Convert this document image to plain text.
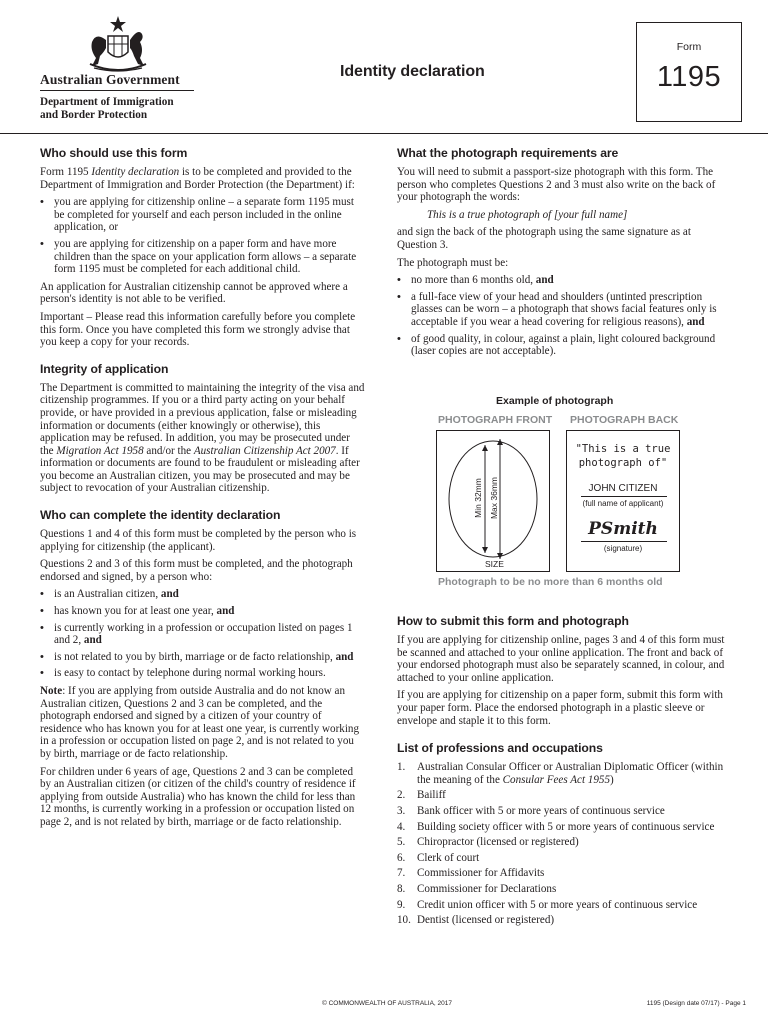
Australian Government
Department of Immigration
and Border Protection
Identity declaration
Form
1195
Who should use this form

Form 1195 Identity declaration is to be completed and provided to the Department of Immigration and Border Protection (the Department) if:

• you are applying for citizenship online – a separate form 1195 must be completed for yourself and each person included in the online application, or
• you are applying for citizenship on a paper form and have more children than the space on your application form allows – a separate form 1195 must be completed for each additional child.

An application for Australian citizenship cannot be approved where a person's identity is not able to be verified.

Important – Please read this information carefully before you complete this form. Once you have completed this form we strongly advise that you keep a copy for your records.

Integrity of application

The Department is committed to maintaining the integrity of the visa and citizenship programmes. If you or a third party acting on your behalf provide, or have provided in a previous application, false or misleading information or documents (either knowingly or otherwise), this application may be refused. In addition, you may be prosecuted under the Migration Act 1958 and/or the Australian Citizenship Act 2007. If information or documents are found to be fraudulent or misleading after you become an Australian citizen, you may be prosecuted and may be subject to revocation of your Australian citizenship.

Who can complete the identity declaration

Questions 1 and 4 of this form must be completed by the person who is applying for citizenship (the applicant).

Questions 2 and 3 of this form must be completed, and the photograph endorsed and signed, by a person who:

• is an Australian citizen, and
• has known you for at least one year, and
• is currently working in a profession or occupation listed on pages 1 and 2, and
• is not related to you by birth, marriage or de facto relationship, and
• is easy to contact by telephone during normal working hours.

Note: If you are applying from outside Australia and do not know an Australian citizen, Questions 2 and 3 can be completed, and the photograph endorsed and signed by a citizen of your country of residence who has known you for at least one year, is currently working in a profession or occupation listed on page 2, and is not related to you by birth, marriage or de facto relationship.

For children under 6 years of age, Questions 2 and 3 can be completed by an Australian citizen (or citizen of the child's country of residence if applying from outside Australia) who has known the child for less than 12 months, is currently working in a profession or occupation listed on page 2, and is not related by birth, marriage or de facto relationship.

What the photograph requirements are

You will need to submit a passport-size photograph with this form. The person who completes Questions 2 and 3 must also write on the back of your photograph the words:

This is a true photograph of [your full name]

and sign the back of the photograph using the same signature as at Question 3.

The photograph must be:

• no more than 6 months old, and
• a full-face view of your head and shoulders (untinted prescription glasses can be worn – a photograph that shows facial features only is acceptable if you wear a head covering for religious reasons), and
• of good quality, in colour, against a plain, light coloured background (laser copies are not acceptable).
Example of photograph
PHOTOGRAPH FRONT PHOTOGRAPH BACK
Min 32mm Max 36mm
SIZE
"This is a true
photograph of"
JOHN CITIZEN
(full name of applicant)
PSmith
(signature)
Photograph to be no more than 6 months old
How to submit this form and photograph

If you are applying for citizenship online, pages 3 and 4 of this form must be scanned and attached to your online application. The front and back of your endorsed photograph must also be separately scanned, in colour, and attached to your online application.

If you are applying for citizenship on a paper form, submit this form with your paper form. Place the endorsed photograph in a plastic sleeve or envelope and staple it to this form.

List of professions and occupations
1. Australian Consular Officer or Australian Diplomatic Officer (within the meaning of the Consular Fees Act 1955)
2. Bailiff
3. Bank officer with 5 or more years of continuous service
4. Building society officer with 5 or more years of continuous service
5. Chiropractor (licensed or registered)
6. Clerk of court
7. Commissioner for Affidavits
8. Commissioner for Declarations
9. Credit union officer with 5 or more years of continuous service
10. Dentist (licensed or registered)
© COMMONWEALTH OF AUSTRALIA, 2017	1195 (Design date 07/17) - Page 1
